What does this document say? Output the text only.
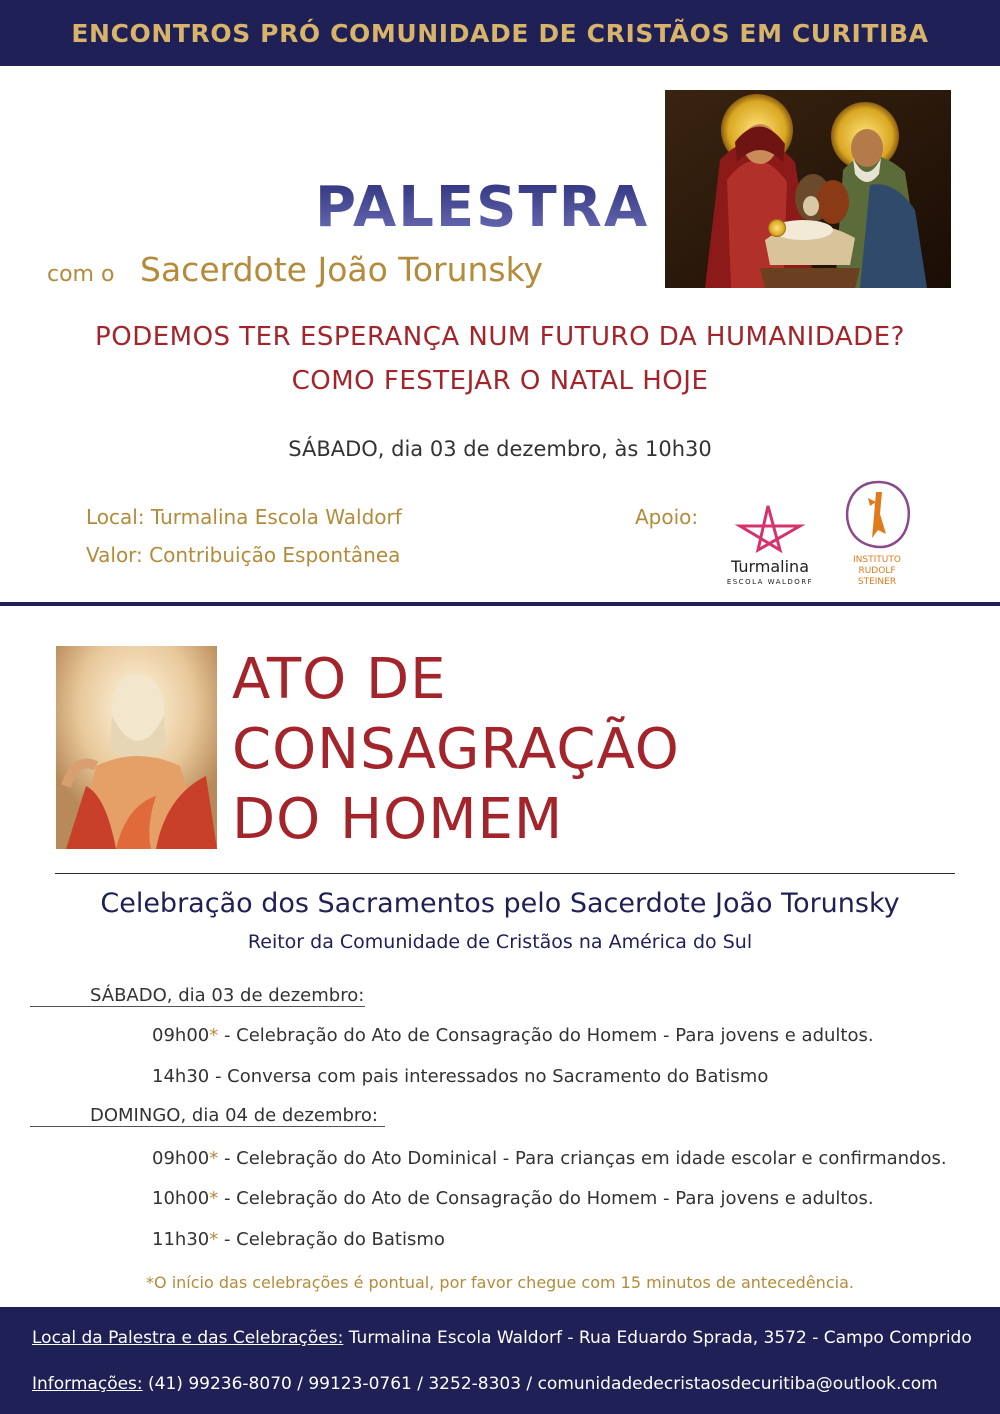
ENCONTROS PRÓ COMUNIDADE DE CRISTÃOS EM CURITIBA
PALESTRA
com o Sacerdote João Torunsky
PODEMOS TER ESPERANÇA NUM FUTURO DA HUMANIDADE?
COMO FESTEJAR O NATAL HOJE
SÁBADO, dia 03 de dezembro, às 10h30
Local: Turmalina Escola Waldorf
Valor: Contribuição Espontânea
Apoio:
Turmalina
ESCOLA WALDORF
INSTITUTO
RUDOLF
STEINER
ATO DE
CONSAGRAÇÃO
DO HOMEM
Celebração dos Sacramentos pelo Sacerdote João Torunsky
Reitor da Comunidade de Cristãos na América do Sul
SÁBADO, dia 03 de dezembro:
09h00* - Celebração do Ato de Consagração do Homem - Para jovens e adultos.
14h30 - Conversa com pais interessados no Sacramento do Batismo
DOMINGO, dia 04 de dezembro:
09h00* - Celebração do Ato Dominical - Para crianças em idade escolar e confirmandos.
10h00* - Celebração do Ato de Consagração do Homem - Para jovens e adultos.
11h30* - Celebração do Batismo
*O início das celebrações é pontual, por favor chegue com 15 minutos de antecedência.
Local da Palestra e das Celebrações: Turmalina Escola Waldorf - Rua Eduardo Sprada, 3572 - Campo Comprido
Informações: (41) 99236-8070 / 99123-0761 / 3252-8303 / comunidadedecristaosdecuritiba@outlook.com
